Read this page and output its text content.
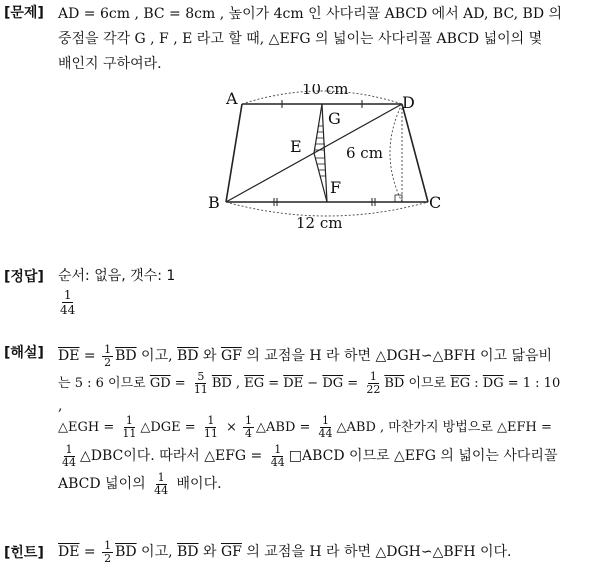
[문제] AD = 6cm , BC = 8cm , 높이가 4cm 인 사다리꼴 ABCD 에서 AD, BC, BD 의
중점을 각각 G , F , E 라고 할 때, △EFG 의 넓이는 사다리꼴 ABCD 넓이의 몇
배인지 구하여라.
A	D
B	C
G
E
F
10 cm
6 cm
12 cm
[정답] 순서: 없음, 갯수: 1
$\frac{1}{44}$
[해설] $\overline{DE} = \frac{1}{2} \overline{BD}$ 이고, $\overline{BD}$ 와 $\overline{GF}$ 의 교점을 H 라 하면 △DGH∽△BFH 이고 닮음비
는 5 : 6 이므로 $\overline{GD} = \frac{5}{11} \overline{BD}$ , $\overline{EG} = \overline{DE} - \overline{DG} = \frac{1}{22} \overline{BD}$ 이므로 $\overline{EG}$ : $\overline{DG} = 1$ : 10
,
△EGH = $\frac{1}{11}$ △DGE = $\frac{1}{11} \times \frac{1}{4}$ △ABD = $\frac{1}{44}$ △ABD , 마찬가지 방법으로 △EFH =
$\frac{1}{44}$ △DBC이다. 따라서 △EFG = $\frac{1}{44}$ □ABCD 이므로 △EFG 의 넓이는 사다리꼴
ABCD 넓이의 $\frac{1}{44}$ 배이다.
[힌트] $\overline{DE} = \frac{1}{2} \overline{BD}$ 이고, $\overline{BD}$ 와 $\overline{GF}$ 의 교점을 H 라 하면 △DGH∽△BFH 이다.
